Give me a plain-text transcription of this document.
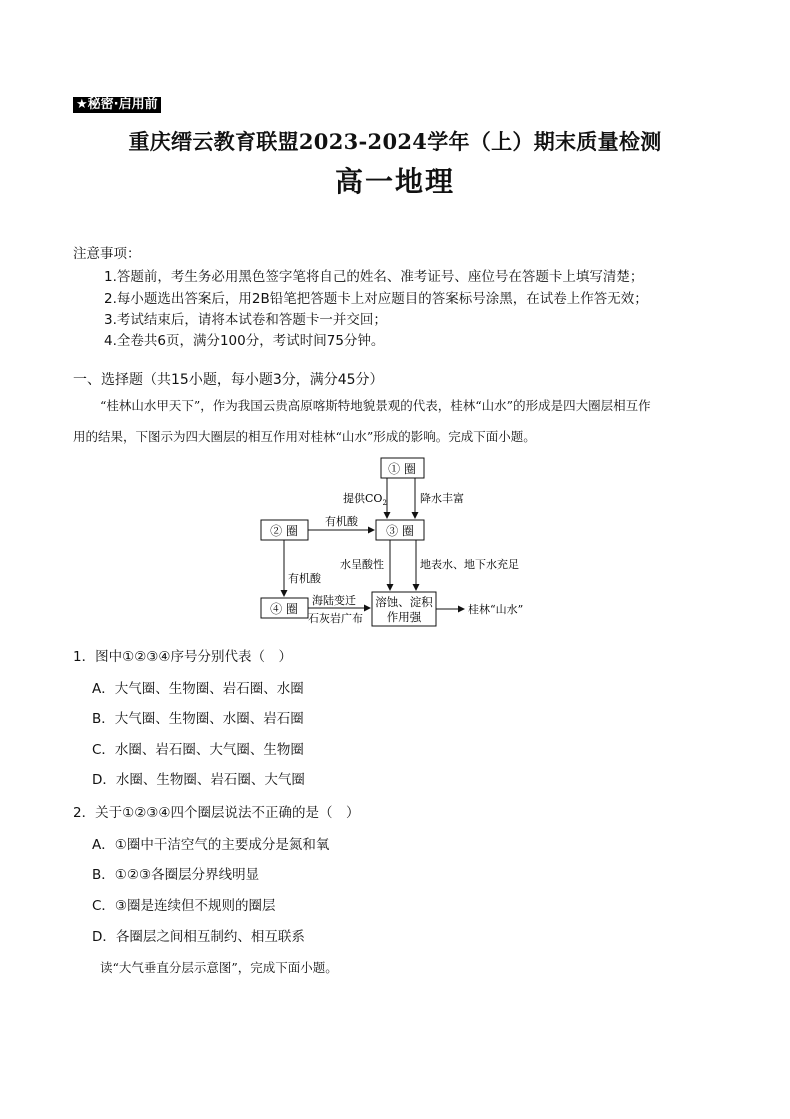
★秘密·启用前
重庆缙云教育联盟2023-2024学年（上）期末质量检测
高一地理
注意事项：
1.答题前，考生务必用黑色签字笔将自己的姓名、准考证号、座位号在答题卡上填写清楚；
2.每小题选出答案后，用2B铅笔把答题卡上对应题目的答案标号涂黑，在试卷上作答无效；
3.考试结束后，请将本试卷和答题卡一并交回；
4.全卷共6页，满分100分，考试时间75分钟。
一、选择题（共15小题，每小题3分，满分45分）
“桂林山水甲天下”，作为我国云贵高原喀斯特地貌景观的代表，桂林“山水”的形成是四大圈层相互作
用的结果，下图示为四大圈层的相互作用对桂林“山水”形成的影响。完成下面小题。
① 圈
② 圈	③ 圈
④ 圈	溶蚀、淀积
作用强
提供$CO_2$	降水丰富
有机酸
有机酸
水呈酸性	地表水、地下水充足
海陆变迁
石灰岩广布
桂林“山水”
1．图中①②③④序号分别代表（　）
A．大气圈、生物圈、岩石圈、水圈
B．大气圈、生物圈、水圈、岩石圈
C．水圈、岩石圈、大气圈、生物圈
D．水圈、生物圈、岩石圈、大气圈
2．关于①②③④四个圈层说法不正确的是（　）
A．①圈中干洁空气的主要成分是氮和氧
B．①②③各圈层分界线明显
C．③圈是连续但不规则的圈层
D．各圈层之间相互制约、相互联系
读“大气垂直分层示意图”，完成下面小题。
